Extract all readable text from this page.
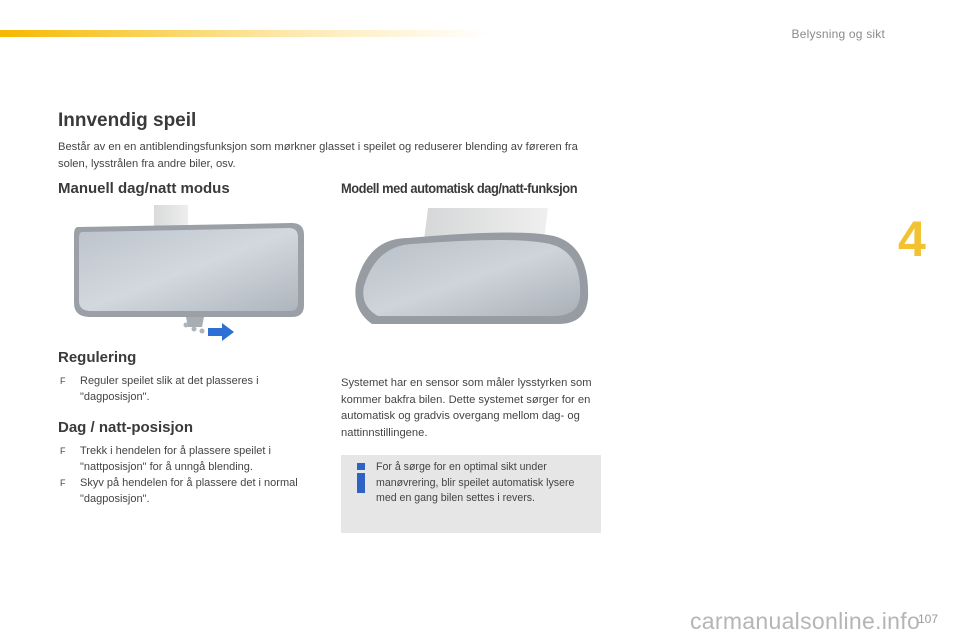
Belysning og sikt
4
Innvendig speil

Består av en en antiblendingsfunksjon som mørkner glasset i speilet og reduserer blending av føreren fra solen, lysstrålen fra andre biler, osv.

Manuell dag/natt modus	Modell med automatisk dag/natt-funksjon
Regulering
F Reguler speilet slik at det plasseres i "dagposisjon".
Dag / natt-posisjon
F Trekk i hendelen for å plassere speilet i "nattposisjon" for å unngå blending.
F Skyv på hendelen for å plassere det i normal "dagposisjon".

Systemet har en sensor som måler lysstyrken som kommer bakfra bilen. Dette systemet sørger for en automatisk og gradvis overgang mellom dag- og nattinnstillingene.

For å sørge for en optimal sikt under manøvrering, blir speilet automatisk lysere med en gang bilen settes i revers.

carmanualsonline.info
107
